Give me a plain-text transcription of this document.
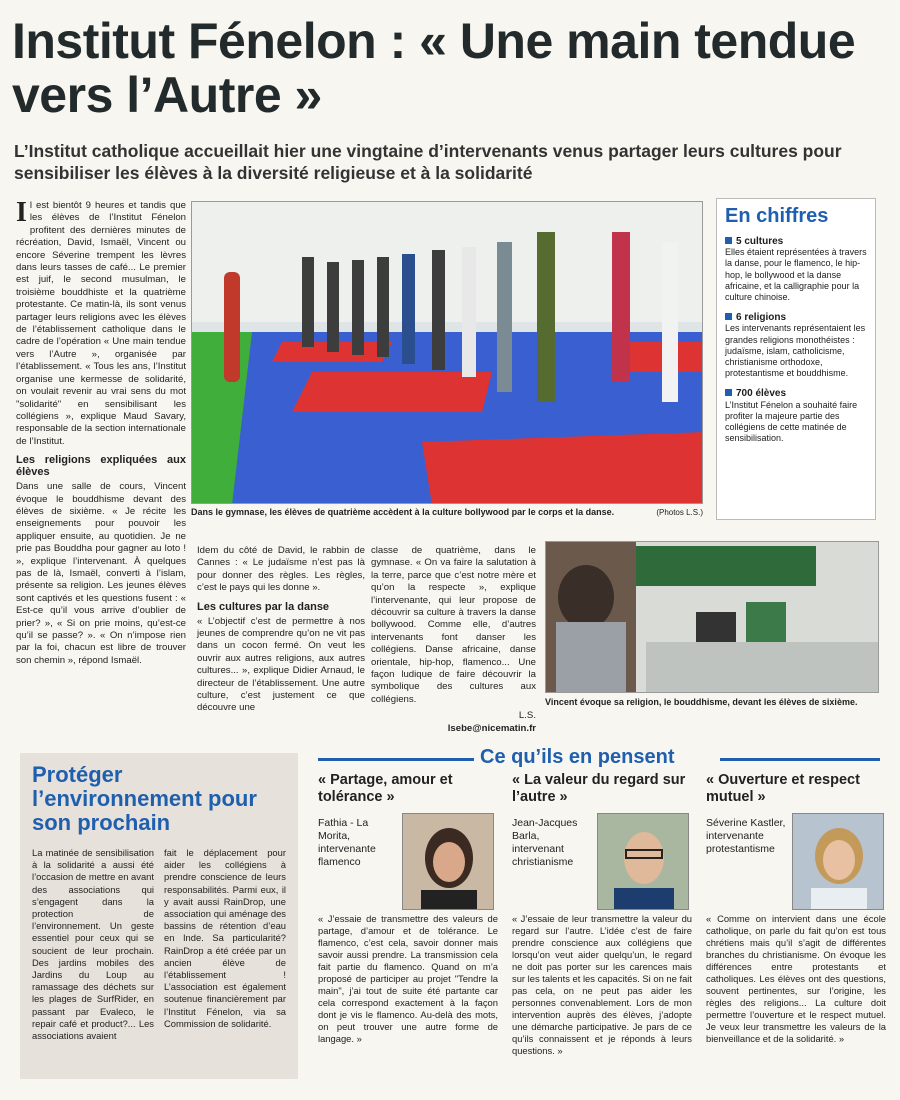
Institut Fénelon : « Une main tendue vers l’Autre »
L’Institut catholique accueillait hier une vingtaine d’intervenants venus partager leurs cultures pour sensibiliser les élèves à la diversité religieuse et à la solidarité

Il est bientôt 9 heures et tandis que les élèves de l’Institut Fénelon profitent des dernières minutes de récréation, David, Ismaël, Vincent ou encore Séverine trempent les lèvres dans leurs tasses de café... Le premier est juif, le second musulman, le troisième bouddhiste et la quatrième protestante. Ce matin-là, ils sont venus partager leurs religions avec les élèves de l’établissement catholique dans le cadre de l’opération « Une main tendue vers l’Autre », organisée par l’établissement. « Tous les ans, l’Institut organise une kermesse de solidarité, on voulait revenir au vrai sens du mot "solidarité" en sensibilisant les collégiens », explique Maud Savary, responsable de la section internationale de l’Institut.

Les religions expliquées aux élèves

Dans une salle de cours, Vincent évoque le bouddhisme devant des élèves de sixième. « Je récite les enseignements pour pouvoir les appliquer ensuite, au quotidien. Je ne prie pas Bouddha pour gagner au loto ! », explique l’intervenant. À quelques pas de là, Ismaël, converti à l’islam, présente sa religion. Les jeunes élèves sont captivés et les questions fusent : « Est-ce qu’il vous arrive d’oublier de prier? », « Si on prie moins, qu’est-ce qu’il se passe? ». « On n’impose rien par la foi, chacun est libre de trouver son chemin », répond Ismaël.

(Photos L.S.)
Dans le gymnase, les élèves de quatrième accèdent à la culture bollywood par le corps et la danse.
En chiffres
5 cultures
Elles étaient représentées à travers la danse, pour le flamenco, le hip-hop, le bollywood et la danse africaine, et la calligraphie pour la culture chinoise.
6 religions
Les intervenants représentaient les grandes religions monothéistes : judaïsme, islam, catholicisme, christianisme orthodoxe, protestantisme et bouddhisme.
700 élèves
L’Institut Fénelon a souhaité faire profiter la majeure partie des collégiens de cette matinée de sensibilisation.

Idem du côté de David, le rabbin de Cannes : « Le judaïsme n’est pas là pour donner des règles. Les règles, c’est le pays qui les donne ».

Les cultures par la danse

« L’objectif c’est de permettre à nos jeunes de comprendre qu’on ne vit pas dans un cocon fermé. On veut les ouvrir aux autres religions, aux autres cultures... », explique Didier Arnaud, le directeur de l’établissement. Une autre culture, c’est justement ce que découvre une

classe de quatrième, dans le gymnase. « On va faire la salutation à la terre, parce que c’est notre mère et qu’on la respecte », explique l’intervenante, qui leur propose de découvrir sa culture à travers la danse bollywood. Comme elle, d’autres intervenants font danser les collégiens. Danse africaine, danse orientale, hip-hop, flamenco... Une façon ludique de faire découvrir la symbolique des cultures aux collégiens.

L.S.

lsebe@nicematin.fr

Vincent évoque sa religion, le bouddhisme, devant les élèves de sixième.
Protéger l’environnement pour son prochain
La matinée de sensibilisation à la solidarité a aussi été l’occasion de mettre en avant des associations qui s’engagent dans la protection de l’environnement. Un geste essentiel pour ceux qui se soucient de leur prochain. Des jardins mobiles des Jardins du Loup au ramassage des déchets sur les plages de SurfRider, en passant par Evaleco, le repair café et product?... Les associations avaient
fait le déplacement pour aider les collégiens à prendre conscience de leurs responsabilités. Parmi eux, il y avait aussi RainDrop, une association qui aménage des bassins de rétention d’eau en Inde. Sa particularité? RainDrop a été créée par un ancien élève de l’établissement ! L’association est également soutenue financièrement par l’Institut Fénelon, via sa Commission de solidarité.
Ce qu’ils en pensent
« Partage, amour et tolérance »
Fathia - La Morita, intervenante flamenco
« J’essaie de transmettre des valeurs de partage, d’amour et de tolérance. Le flamenco, c’est cela, savoir donner mais savoir aussi prendre. La transmission cela fait partie du flamenco. Quand on m’a proposé de participer au projet "Tendre la main", j’ai tout de suite été partante car cela correspond exactement à la façon dont je vis le flamenco. Au-delà des mots, on peut trouver une autre forme de langage. »
« La valeur du regard sur l’autre »
Jean-Jacques Barla, intervenant christianisme
« J’essaie de leur transmettre la valeur du regard sur l’autre. L’idée c’est de faire prendre conscience aux collégiens que lorsqu’on veut aider quelqu’un, le regard ne doit pas porter sur les carences mais sur les talents et les capacités. Si on ne fait pas cela, on ne peut pas aider les personnes convenablement. Lors de mon intervention auprès des élèves, j’adopte une démarche participative. Je pars de ce qu’ils connaissent et je réponds à leurs questions. »
« Ouverture et respect mutuel »
Séverine Kastler, intervenante protestantisme
« Comme on intervient dans une école catholique, on parle du fait qu’on est tous chrétiens mais qu’il s’agit de différentes branches du christianisme. On évoque les différences entre protestants et catholiques. Les élèves ont des questions, souvent pertinentes, sur l’origine, les règles des religions... La culture doit permettre l’ouverture et le respect mutuel. Je veux leur transmettre les valeurs de la bienveillance et de la solidarité. »
